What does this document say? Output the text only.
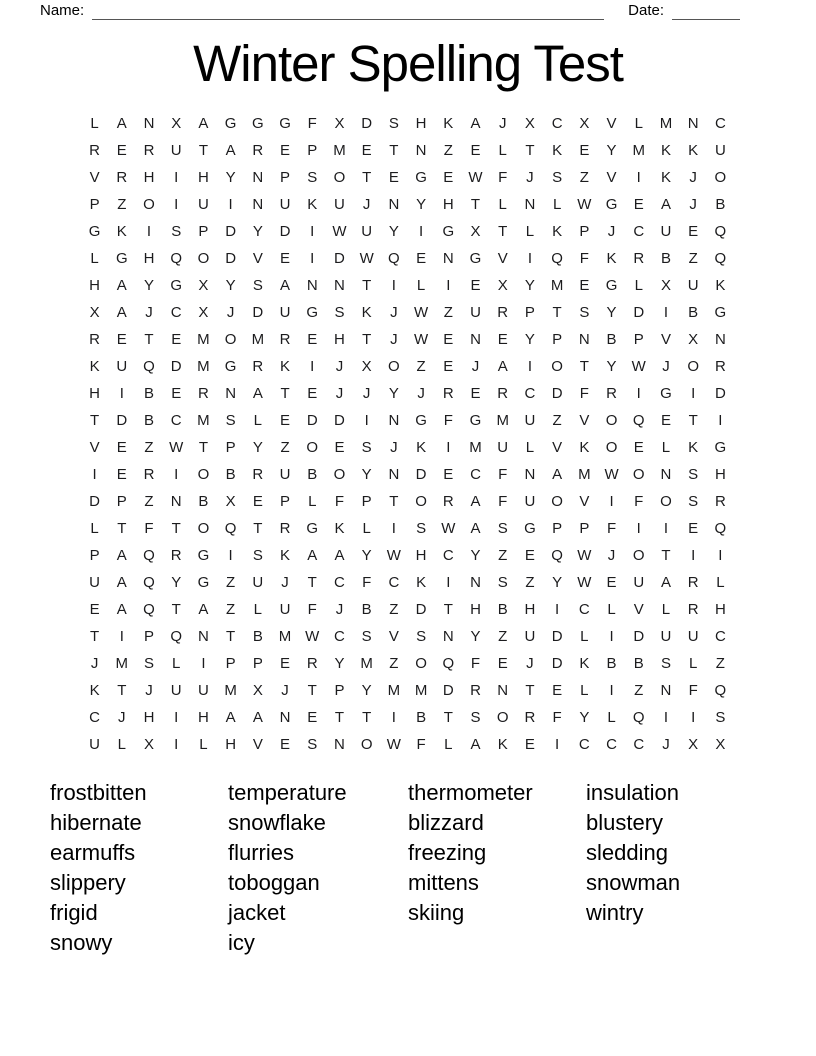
Name:	Date:
Winter Spelling Test
L	A	N	X	A	G	G	G	F	X	D	S	H	K	A	J	X	C	X	V	L	M	N	C
R	E	R	U	T	A	R	E	P	M	E	T	N	Z	E	L	T	K	E	Y	M	K	K	U
V	R	H	I	H	Y	N	P	S	O	T	E	G	E	W	F	J	S	Z	V	I	K	J	O
P	Z	O	I	U	I	N	U	K	U	J	N	Y	H	T	L	N	L	W G	E	A	J	B
G	K	I	S	P	D	Y	D	I	W U	Y	I	G	X	T	L	K	P	J	C	U	E	Q
L	G	H	Q	O	D	V	E	I	D W Q	E	N	G	V	I	Q	F	K	R	B	Z	Q
H	A	Y	G	X	Y	S	A	N	N	T	I	L	I	E	X	Y	M	E	G	L	X	U	K
X	A	J	C	X	J	D	U	G	S	K	J	W	Z	U	R	P	T	S	Y	D	I	B	G
R	E	T	E	M	O	M	R	E	H	T	J	W	E	N	E	Y	P	N	B	P	V	X	N
K	U	Q	D	M	G	R	K	I	J	X	O	Z	E	J	A	I	O	T	Y	W	J	O	R
H	I	B	E	R	N	A	T	E	J	J	Y	J	R	E	R	C	D	F	R	I	G	I	D
T	D	B	C	M	S	L	E	D	D	I	N	G	F	G	M	U	Z	V	O	Q	E	T	I
V	E	Z	W	T	P	Y	Z	O	E	S	J	K	I	M	U	L	V	K	O	E	L	K	G
I	E	R	I	O	B	R	U	B	O	Y	N	D	E	C	F	N	A	M W O	N	S	H
D	P	Z	N	B	X	E	P	L	F	P	T	O	R	A	F	U	O	V	I	F	O	S	R
L	T	F	T	O	Q	T	R	G	K	L	I	S	W	A	S	G	P	P	F	I	I	E	Q
P	A	Q	R	G	I	S	K	A	A	Y	W H	C	Y	Z	E	Q W	J	O	T	I	I
U	A	Q	Y	G	Z	U	J	T	C	F	C	K	I	N	S	Z	Y	W	E	U	A	R	L
E	A	Q	T	A	Z	L	U	F	J	B	Z	D	T	H	B	H	I	C	L	V	L	R	H
T	I	P	Q	N	T	B	M W C	S	V	S	N	Y	Z	U	D	L	I	D	U	U	C
J	M	S	L	I	P	P	E	R	Y	M	Z	O	Q	F	E	J	D	K	B	B	S	L	Z
K	T	J	U	U	M	X	J	T	P	Y	M M	D	R	N	T	E	L	I	Z	N	F	Q
C	J	H	I	H	A	A	N	E	T	T	I	B	T	S	O	R	F	Y	L	Q	I	I	S
U	L	X	I	L	H	V	E	S	N	O W	F	L	A	K	E	I	C	C	C	J	X	X
frostbitten
hibernate
earmuffs
slippery
frigid
snowy
temperature
snowflake
flurries
toboggan
jacket
icy
thermometer
blizzard
freezing
mittens
skiing
insulation
blustery
sledding
snowman
wintry
